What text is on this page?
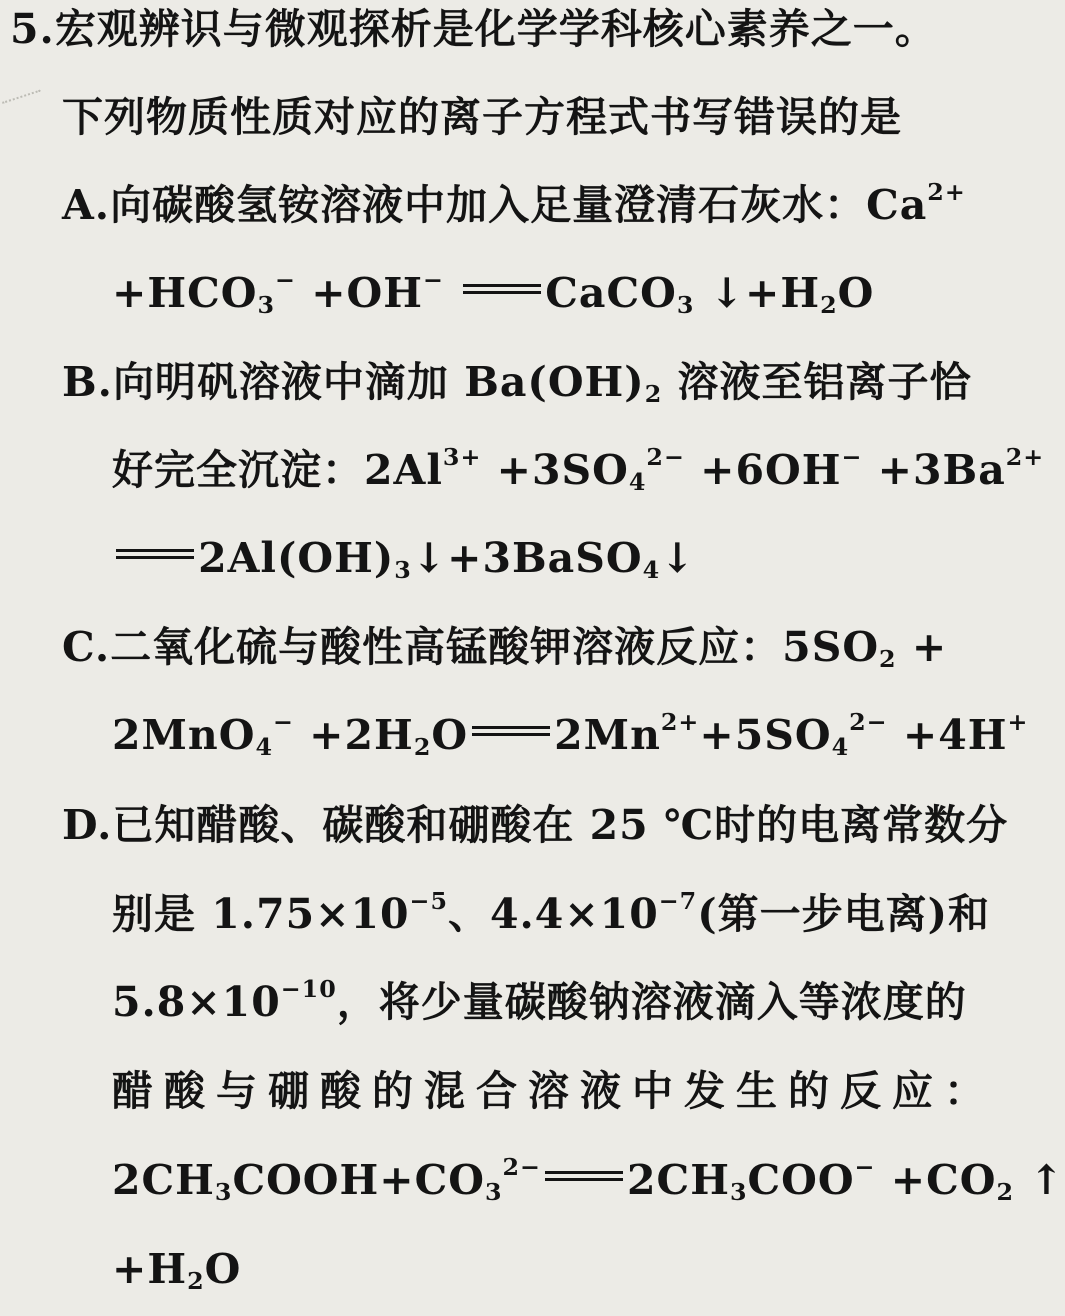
5.宏观辨识与微观探析是化学学科核心素养之一。
下列物质性质对应的离子方程式书写错误的是
A.向碳酸氢铵溶液中加入足量澄清石灰水：$Ca^{2+}$
$+HCO_3^- +OH^-$ CaCO$_3$ $↓+H_2O$
B.向明矾溶液中滴加 $Ba(OH)_2$ 溶液至铝离子恰
好完全沉淀：$2Al^{3+} +3SO_4^{2-} +6OH^- +3Ba^{2+}$
$2Al(OH)_3↓+3BaSO_4↓$
C.二氧化硫与酸性高锰酸钾溶液反应：$5SO_2$ +
$2MnO_4^- +2H_2O$ $2Mn^{2+}+5SO_4^{2-} +4H^+$
D.已知醋酸、碳酸和硼酸在 25 ℃时的电离常数分
别是 $1.75\times 10^{-5}$、$4.4\times 10^{-7}$(第一步电离)和
$5.8\times 10^{-10}$，将少量碳酸钠溶液滴入等浓度的
醋酸与硼酸的混合溶液中发生的反应：
$2CH_3COOH+CO_3^{2-}$ $2CH_3COO^- +CO_2$ ↑
$+H_2O$
